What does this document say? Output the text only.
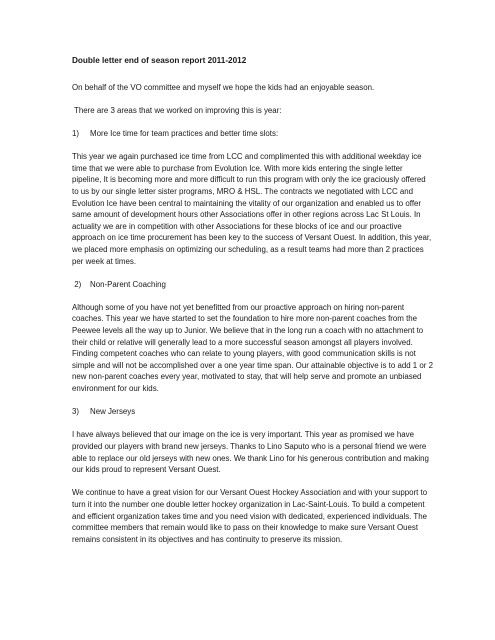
Double letter end of season report 2011-2012

On behalf of the VO committee and myself we hope the kids had an enjoyable season.

There are 3 areas that we worked on improving this is year:

1)	More Ice time for team practices and better time slots:

This year we again purchased ice time from LCC and complimented this with additional weekday ice time that we were able to purchase from Evolution Ice. With more kids entering the single letter pipeline, It is becoming more and more difficult to run this program with only the ice graciously offered to us by our single letter sister programs, MRO & HSL. The contracts we negotiated with LCC and Evolution Ice have been central to maintaining the vitality of our organization and enabled us to offer same amount of development hours other Associations offer in other regions across Lac St Louis. In actuality we are in competition with other Associations for these blocks of ice and our proactive approach on ice time procurement has been key to the success of Versant Ouest. In addition, this year, we placed more emphasis on optimizing our scheduling, as a result teams had more than 2 practices per week at times.

2)	Non-Parent Coaching

Although some of you have not yet benefitted from our proactive approach on hiring non-parent coaches. This year we have started to set the foundation to hire more non-parent coaches from the Peewee levels all the way up to Junior. We believe that in the long run a coach with no attachment to their child or relative will generally lead to a more successful season amongst all players involved. Finding competent coaches who can relate to young players, with good communication skills is not simple and will not be accomplished over a one year time span. Our attainable objective is to add 1 or 2 new non-parent coaches every year, motivated to stay, that will help serve and promote an unbiased environment for our kids.

3)	New Jerseys

I have always believed that our image on the ice is very important. This year as promised we have provided our players with brand new jerseys. Thanks to Lino Saputo who is a personal friend we were able to replace our old jerseys with new ones. We thank Lino for his generous contribution and making our kids proud to represent Versant Ouest.

We continue to have a great vision for our Versant Ouest Hockey Association and with your support to turn it into the number one double letter hockey organization in Lac-Saint-Louis. To build a competent and efficient organization takes time and you need vision with dedicated, experienced individuals. The committee members that remain would like to pass on their knowledge to make sure Versant Ouest remains consistent in its objectives and has continuity to preserve its mission.
